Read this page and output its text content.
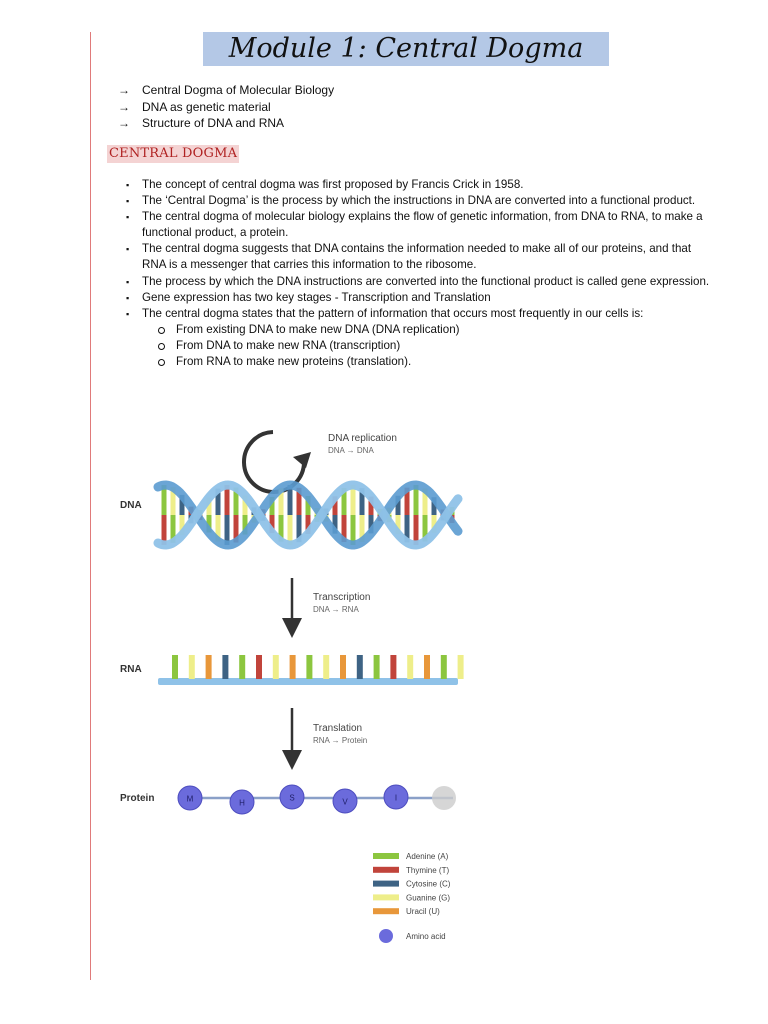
Module 1: Central Dogma
→ Central Dogma of Molecular Biology
→ DNA as genetic material
→ Structure of DNA and RNA
CENTRAL DOGMA
▪ The concept of central dogma was first proposed by Francis Crick in 1958.
▪ The ‘Central Dogma’ is the process by which the instructions in DNA are converted into a functional product.
▪ The central dogma of molecular biology explains the flow of genetic information, from DNA to RNA, to make a functional product, a protein.
▪ The central dogma suggests that DNA contains the information needed to make all of our proteins, and that RNA is a messenger that carries this information to the ribosome.
▪ The process by which the DNA instructions are converted into the functional product is called gene expression.
▪ Gene expression has two key stages - Transcription and Translation
▪ The central dogma states that the pattern of information that occurs most frequently in our cells is:
From existing DNA to make new DNA (DNA replication)
From DNA to make new RNA (transcription)
From RNA to make new proteins (translation).
DNA replication
DNA → DNA
DNA
Transcription
DNA → RNA
RNA
Translation
RNA → Protein
Protein	M	H
S	V	I
Adenine (A)
Thymine (T)
Cytosine (C)
Guanine (G)
Uracil (U)
Amino acid
